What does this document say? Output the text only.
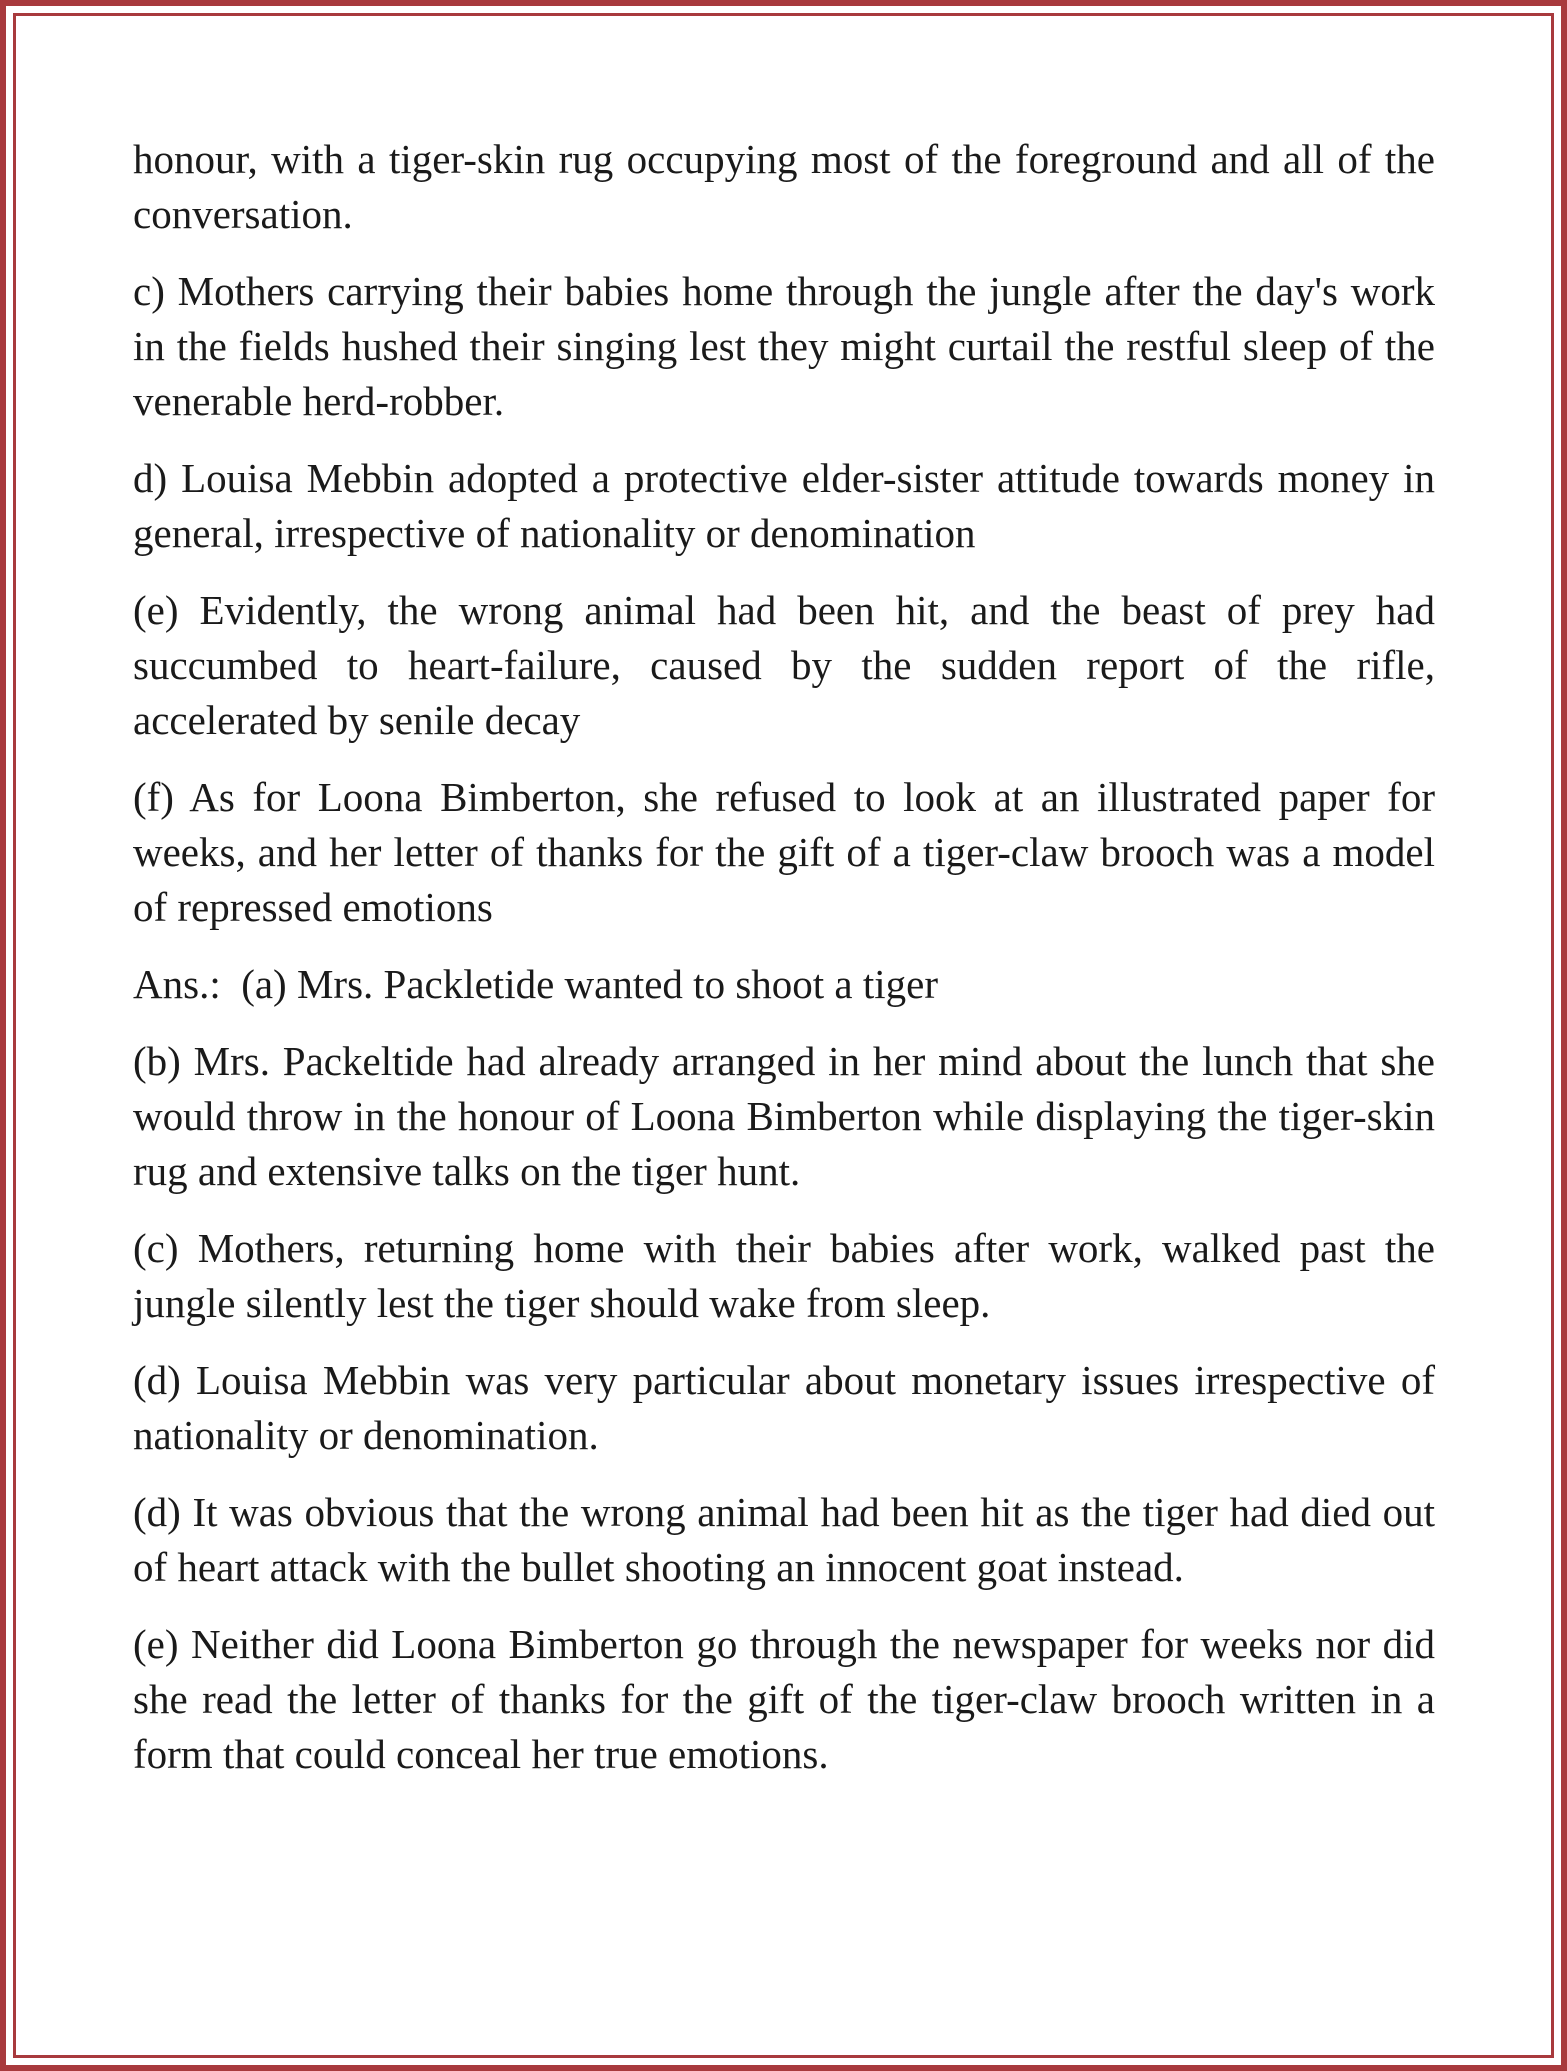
honour, with a tiger-skin rug occupying most of the foreground and all of the conversation.

c) Mothers carrying their babies home through the jungle after the day's work in the fields hushed their singing lest they might curtail the restful sleep of the venerable herd-robber.

d) Louisa Mebbin adopted a protective elder-sister attitude towards money in general, irrespective of nationality or denomination

(e) Evidently, the wrong animal had been hit, and the beast of prey had succumbed to heart-failure, caused by the sudden report of the rifle, accelerated by senile decay

(f) As for Loona Bimberton, she refused to look at an illustrated paper for weeks, and her letter of thanks for the gift of a tiger-claw brooch was a model of repressed emotions

Ans.:  (a) Mrs. Packletide wanted to shoot a tiger

(b) Mrs. Packeltide had already arranged in her mind about the lunch that she would throw in the honour of Loona Bimberton while displaying the tiger-skin rug and extensive talks on the tiger hunt.

(c) Mothers, returning home with their babies after work, walked past the jungle silently lest the tiger should wake from sleep.

(d) Louisa Mebbin was very particular about monetary issues irrespective of nationality or denomination.

(d) It was obvious that the wrong animal had been hit as the tiger had died out of heart attack with the bullet shooting an innocent goat instead.

(e) Neither did Loona Bimberton go through the newspaper for weeks nor did she read the letter of thanks for the gift of the tiger-claw brooch written in a form that could conceal her true emotions.
